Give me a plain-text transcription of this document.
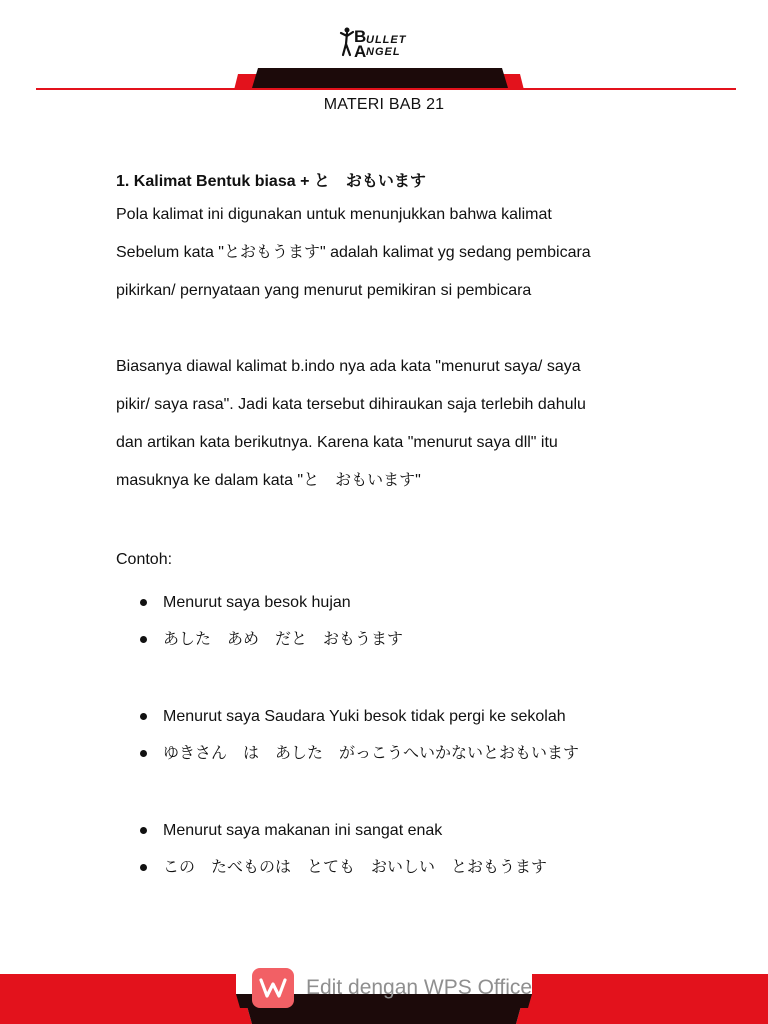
B
A
ULLET
NGEL
MATERI BAB 21
1. Kalimat Bentuk biasa + と　おもいます

Pola kalimat ini digunakan untuk menunjukkan bahwa kalimat

Sebelum kata "とおもうます" adalah kalimat yg sedang pembicara

pikirkan/ pernyataan yang menurut pemikiran si pembicara

Biasanya diawal kalimat b.indo nya ada kata "menurut saya/ saya

pikir/ saya rasa". Jadi kata tersebut dihiraukan saja terlebih dahulu

dan artikan kata berikutnya. Karena kata "menurut saya dll" itu

masuknya ke dalam kata "と　おもいます"

Contoh:
Menurut saya besok hujan
あした　あめ　だと　おもうます
Menurut saya Saudara Yuki besok tidak pergi ke sekolah
ゆきさん　は　あした　がっこうへいかないとおもいます
Menurut saya makanan ini sangat enak
この　たべものは　とても　おいしい　とおもうます
Edit dengan WPS Office
